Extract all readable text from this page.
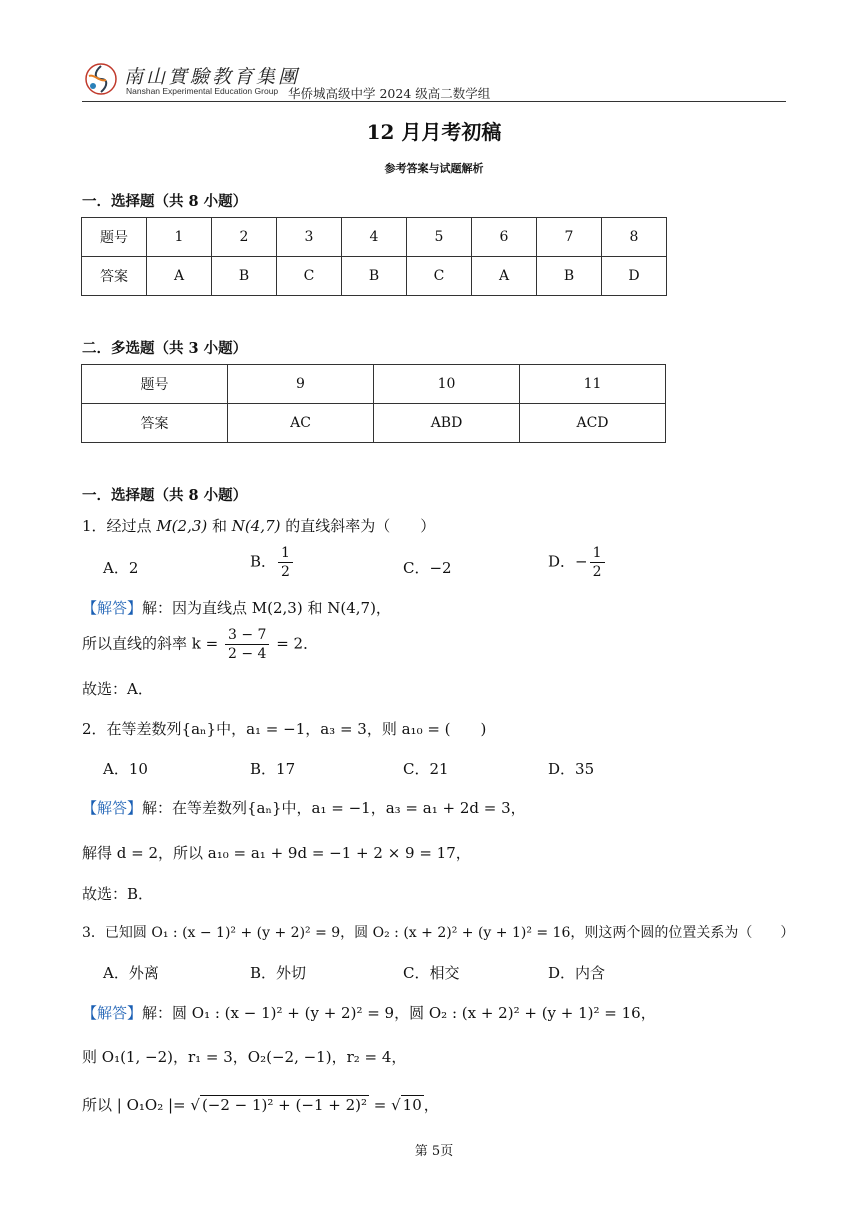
南山實驗教育集團
Nanshan Experimental Education Group 华侨城高级中学 2024 级高二数学组
12 月月考初稿
参考答案与试题解析
一．选择题（共 8 小题）
题号	1	2	3	4	5	6	7	8
答案	A	B	C	B	C	A	B	D
二．多选题（共 3 小题）
题号	9	10	11
答案	AC	ABD	ACD
一．选择题（共 8 小题）
1．经过点 M(2,3) 和 N(4,7) 的直线斜率为（　　）
A．2	B． $\frac{1}{2}$	C．−2	D．− $\frac{1}{2}$
【解答】解：因为直线点 M(2,3) 和 N(4,7)，
所以直线的斜率 $k = \frac{3 - 7}{2 - 4} = 2$．
故选：A．
2．在等差数列{aₙ}中，a₁ = −1，a₃ = 3，则 a₁₀ = (　　)
A．10	B．17	C．21	D．35
【解答】解：在等差数列{aₙ}中，a₁ = −1，a₃ = a₁ + 2d = 3，
解得 d = 2，所以 a₁₀ = a₁ + 9d = −1 + 2 × 9 = 17，
故选：B．
3．已知圆 O₁ : (x − 1)² + (y + 2)² = 9，圆 O₂ : (x + 2)² + (y + 1)² = 16，则这两个圆的位置关系为（　　）
A．外离	B．外切	C．相交	D．内含
【解答】解：圆 O₁ : (x − 1)² + (y + 2)² = 9，圆 O₂ : (x + 2)² + (y + 1)² = 16，
则 O₁(1, −2)，r₁ = 3，O₂(−2, −1)，r₂ = 4，
所以 | O₁O₂ |= √ (−2 − 1)² + (−1 + 2)² = √ 10 ，
第 5页
